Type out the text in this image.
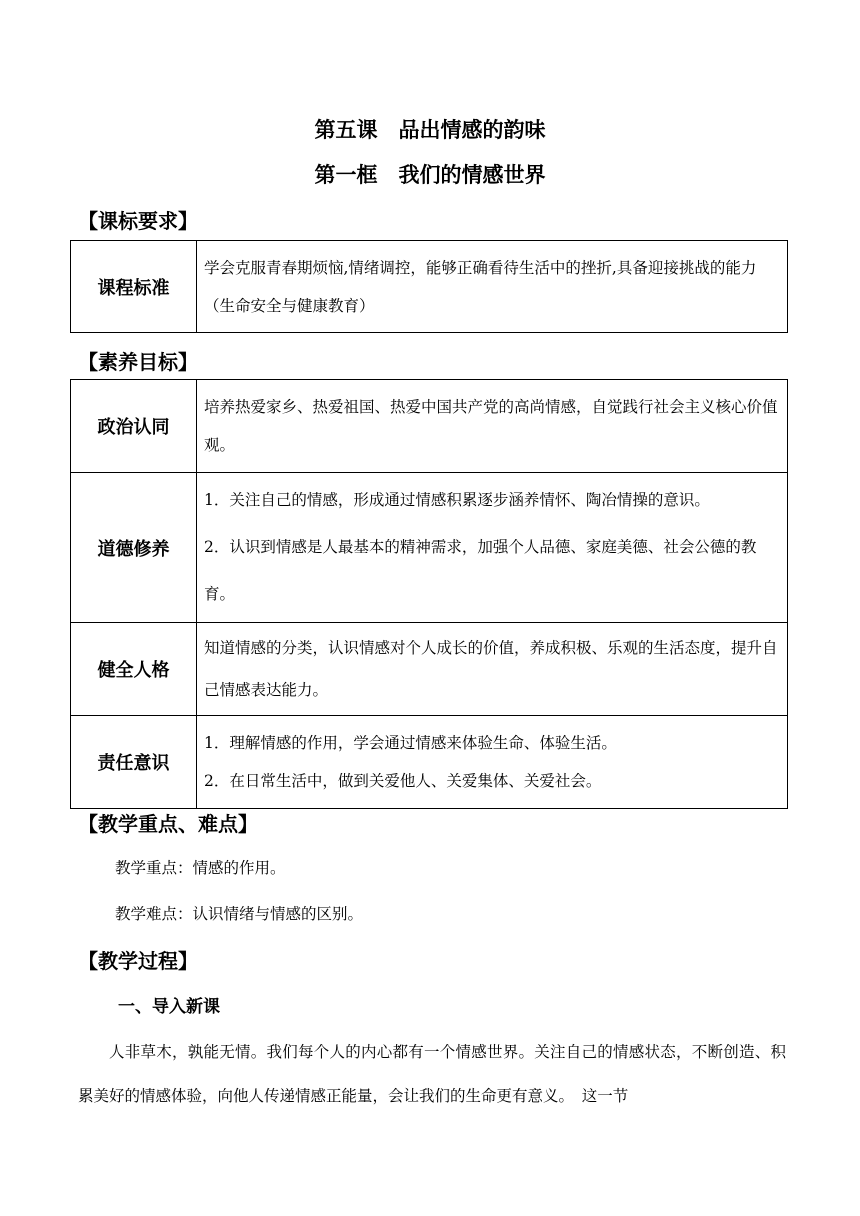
第五课　品出情感的韵味
第一框　我们的情感世界
【课标要求】
课程标准	学会克服青春期烦恼,情绪调控，能够正确看待生活中的挫折,具备迎接挑战的能力（生命安全与健康教育）
【素养目标】
政治认同	培养热爱家乡、热爱祖国、热爱中国共产党的高尚情感，自觉践行社会主义核心价值观。

道德修养	1．关注自己的情感，形成通过情感积累逐步涵养情怀、陶冶情操的意识。

2．认识到情感是人最基本的精神需求，加强个人品德、家庭美德、社会公德的教育。

健全人格	知道情感的分类，认识情感对个人成长的价值，养成积极、乐观的生活态度，提升自己情感表达能力。

责任意识	1．理解情感的作用，学会通过情感来体验生命、体验生活。

2．在日常生活中，做到关爱他人、关爱集体、关爱社会。

【教学重点、难点】
教学重点：情感的作用。
教学难点：认识情绪与情感的区别。
【教学过程】
一、导入新课
人非草木，孰能无情。我们每个人的内心都有一个情感世界。关注自己的情感状态，不断创造、积累美好的情感体验，向他人传递情感正能量，会让我们的生命更有意义。　这一节
